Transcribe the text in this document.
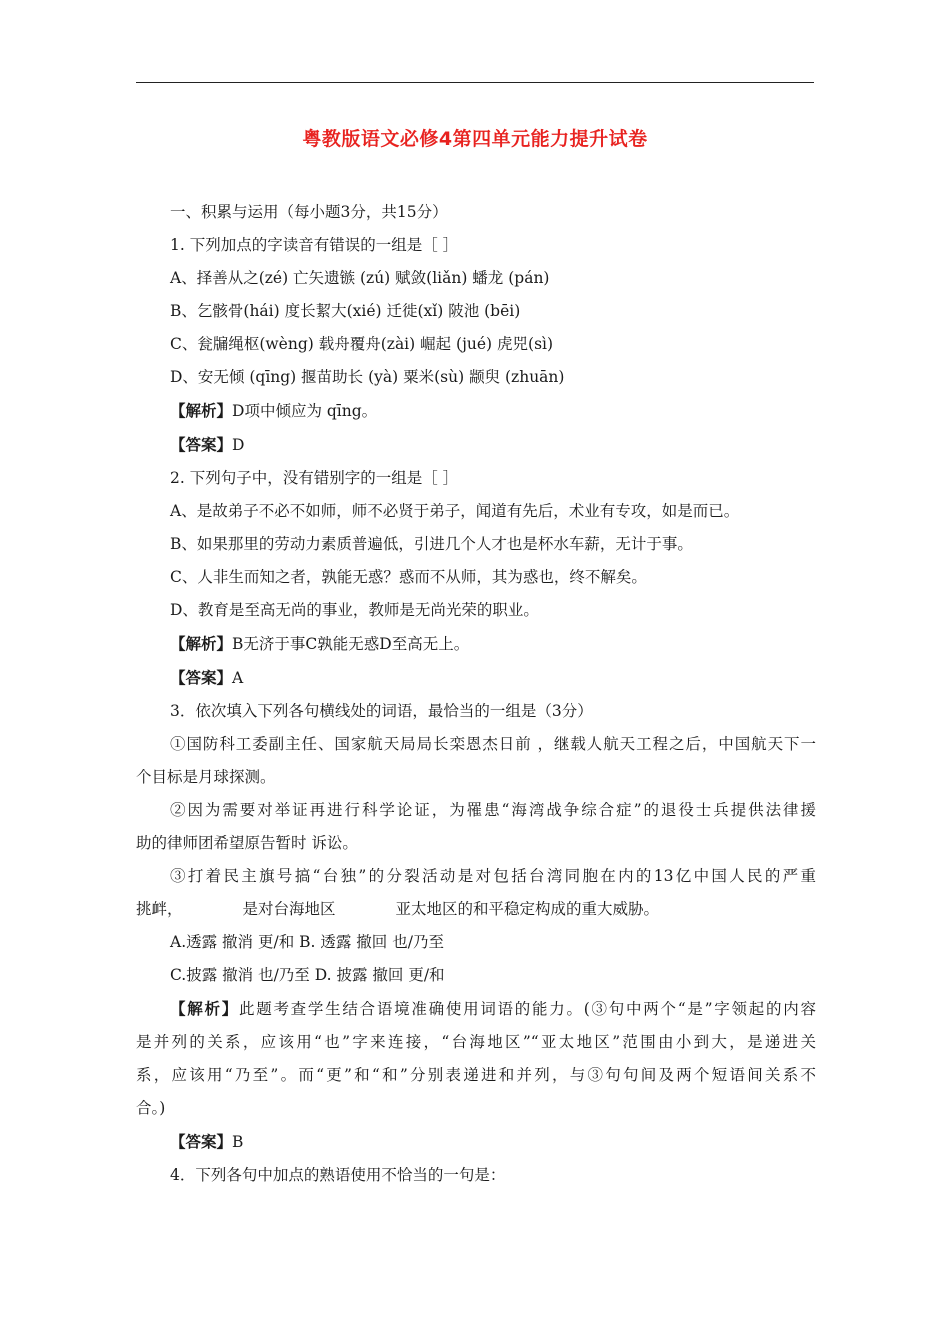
粤教版语文必修4第四单元能力提升试卷

一、积累与运用（每小题3分，共15分）

1. 下列加点的字读音有错误的一组是［ ］

A、择善从之(zé) 亡矢遗镞 (zú) 赋敛(liǎn) 蟠龙 (pán)

B、乞骸骨(hái) 度长絜大(xié) 迁徙(xǐ) 陂池 (bēi)

C、瓮牖绳枢(wèng) 载舟覆舟(zài) 崛起 (jué) 虎兕(sì)

D、安无倾 (qīng) 揠苗助长 (yà) 粟米(sù) 颛臾 (zhuān)

【解析】D项中倾应为 qīng。

【答案】D

2. 下列句子中，没有错别字的一组是［ ］

A、是故弟子不必不如师，师不必贤于弟子，闻道有先后，术业有专攻，如是而已。

B、如果那里的劳动力素质普遍低，引进几个人才也是杯水车薪，无计于事。

C、人非生而知之者，孰能无惑？惑而不从师，其为惑也，终不解矣。

D、教育是至高无尚的事业，教师是无尚光荣的职业。

【解析】B无济于事C孰能无惑D至高无上。

【答案】A

3．依次填入下列各句横线处的词语，最恰当的一组是（3分）

①国防科工委副主任、国家航天局局长栾恩杰日前 ，继载人航天工程之后，中国航天下一

个目标是月球探测。

②因为需要对举证再进行科学论证，为罹患“海湾战争综合症”的退役士兵提供法律援

助的律师团希望原告暂时 诉讼。

③打着民主旗号搞“台独”的分裂活动是对包括台湾同胞在内的13亿中国人民的严重

挑衅，	是对台海地区	亚太地区的和平稳定构成的重大威胁。

A.透露 撤消 更/和 B. 透露 撤回 也/乃至

C.披露 撤消 也/乃至 D. 披露 撤回 更/和

【解析】此题考查学生结合语境准确使用词语的能力。(③句中两个“是”字领起的内容

是并列的关系，应该用“也”字来连接，“台海地区”“亚太地区”范围由小到大，是递进关

系，应该用“乃至”。而“更”和“和”分别表递进和并列，与③句句间及两个短语间关系不

合。)

【答案】B

4．下列各句中加点的熟语使用不恰当的一句是：
